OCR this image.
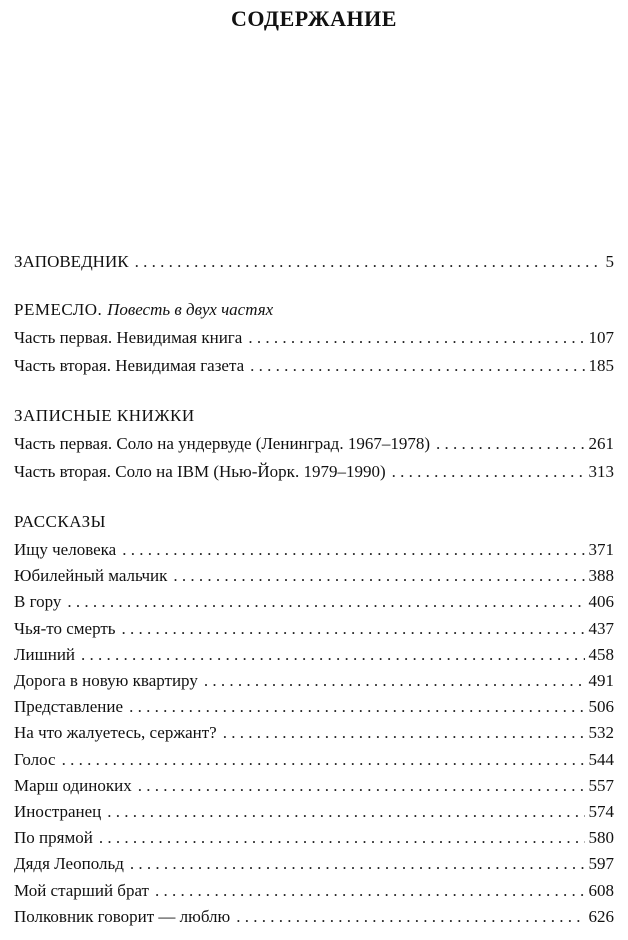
СОДЕРЖАНИЕ
ЗАПОВЕДНИК . . .	5
РЕМЕСЛО. Повесть в двух частях
Часть первая. Невидимая книга . . .	107
Часть вторая. Невидимая газета . . .	185
ЗАПИСНЫЕ КНИЖКИ
Часть первая. Соло на ундервуде (Ленинград. 1967–1978) . . .	261
Часть вторая. Соло на IBM (Нью-Йорк. 1979–1990) . . .	313
РАССКАЗЫ
Ищу человека . . .	371
Юбилейный мальчик . . .	388
В гору . . .	406
Чья-то смерть . . .	437
Лишний . . .	458
Дорога в новую квартиру . . .	491
Представление . . .	506
На что жалуетесь, сержант? . . .	532
Голос . . .	544
Марш одиноких . . .	557
Иностранец . . .	574
По прямой . . .	580
Дядя Леопольд . . .	597
Мой старший брат . . .	608
Полковник говорит — люблю . . .	626
